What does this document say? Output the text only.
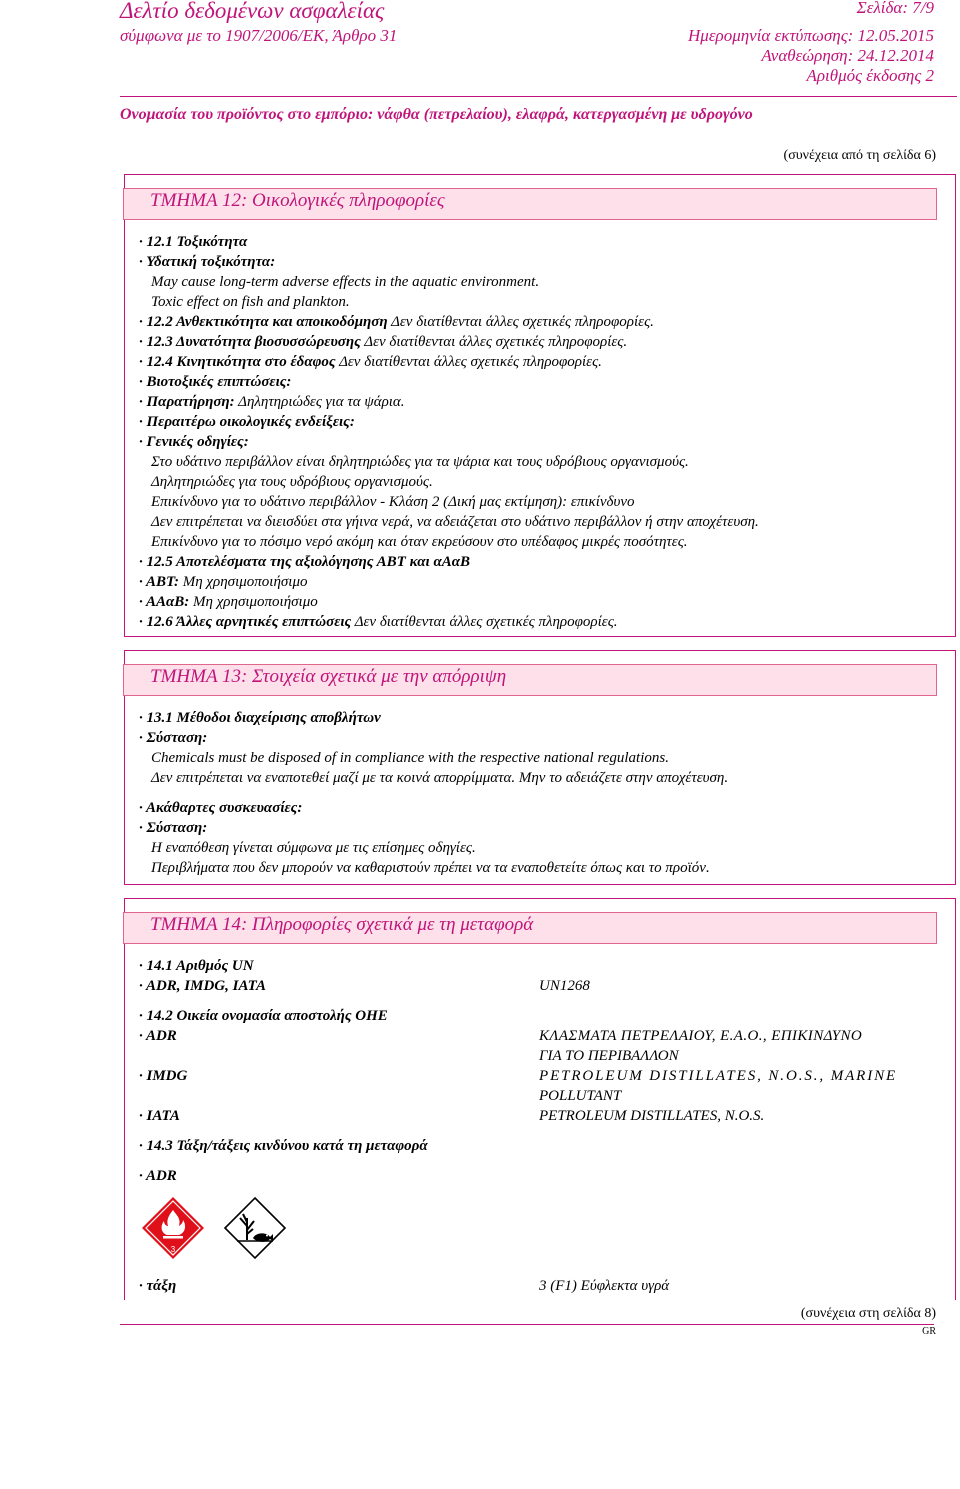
Δελτίο δεδομένων ασφαλείας
σύμφωνα με το 1907/2006/ΕΚ, Άρθρο 31
Σελίδα: 7/9
Ημερομηνία εκτύπωσης: 12.05.2015
Αναθεώρηση: 24.12.2014
Αριθμός έκδοσης 2
Ονομασία του προϊόντος στο εμπόριο: νάφθα (πετρελαίου), ελαφρά, κατεργασμένη με υδρογόνο
(συνέχεια από τη σελίδα 6)
ΤΜΗΜΑ 12: Οικολογικές πληροφορίες
· 12.1 Τοξικότητα
· Υδατική τοξικότητα:
May cause long-term adverse effects in the aquatic environment.
Toxic effect on fish and plankton.
· 12.2 Ανθεκτικότητα και αποικοδόμηση Δεν διατίθενται άλλες σχετικές πληροφορίες.
· 12.3 Δυνατότητα βιοσυσσώρευσης Δεν διατίθενται άλλες σχετικές πληροφορίες.
· 12.4 Κινητικότητα στο έδαφος Δεν διατίθενται άλλες σχετικές πληροφορίες.
· Βιοτοξικές επιπτώσεις:
· Παρατήρηση: Δηλητηριώδες για τα ψάρια.
· Περαιτέρω οικολογικές ενδείξεις:
· Γενικές οδηγίες:
Στο υδάτινο περιβάλλον είναι δηλητηριώδες για τα ψάρια και τους υδρόβιους οργανισμούς.
Δηλητηριώδες για τους υδρόβιους οργανισμούς.
Επικίνδυνο για το υδάτινο περιβάλλον - Κλάση 2 (Δική μας εκτίμηση): επικίνδυνο
Δεν επιτρέπεται να διεισδύει στα γήινα νερά, να αδειάζεται στο υδάτινο περιβάλλον ή στην αποχέτευση.
Επικίνδυνο για το πόσιμο νερό ακόμη και όταν εκρεύσουν στο υπέδαφος μικρές ποσότητες.
· 12.5 Αποτελέσματα της αξιολόγησης ΑΒΤ και αΑαΒ
· ΑΒΤ: Μη χρησιμοποιήσιμο
· ΑΑαΒ: Μη χρησιμοποιήσιμο
· 12.6 Άλλες αρνητικές επιπτώσεις Δεν διατίθενται άλλες σχετικές πληροφορίες.
ΤΜΗΜΑ 13: Στοιχεία σχετικά με την απόρριψη
· 13.1 Μέθοδοι διαχείρισης αποβλήτων
· Σύσταση:
Chemicals must be disposed of in compliance with the respective national regulations.
Δεν επιτρέπεται να εναποτεθεί μαζί με τα κοινά απορρίμματα. Μην το αδειάζετε στην αποχέτευση.
· Ακάθαρτες συσκευασίες:
· Σύσταση:
Η εναπόθεση γίνεται σύμφωνα με τις επίσημες οδηγίες.
Περιβλήματα που δεν μπορούν να καθαριστούν πρέπει να τα εναποθετείτε όπως και το προϊόν.
ΤΜΗΜΑ 14: Πληροφορίες σχετικά με τη μεταφορά
· 14.1 Αριθμός UN
· ADR, IMDG, IATA	UN1268
· 14.2 Οικεία ονομασία αποστολής ΟΗΕ
· ADR	ΚΛΑΣΜΑΤΑ ΠΕΤΡΕΛΑΙΟΥ, Ε.Α.Ο., ΕΠΙΚΙΝΔΥΝΟ
ΓΙΑ ΤΟ ΠΕΡΙΒΑΛΛΟΝ
· IMDG	PETROLEUM DISTILLATES, N.O.S., MARINE
POLLUTANT
· IATA	PETROLEUM DISTILLATES, N.O.S.
· 14.3 Τάξη/τάξεις κινδύνου κατά τη μεταφορά
· ADR
3
· τάξη	3 (F1) Εύφλεκτα υγρά
(συνέχεια στη σελίδα 8)
GR
